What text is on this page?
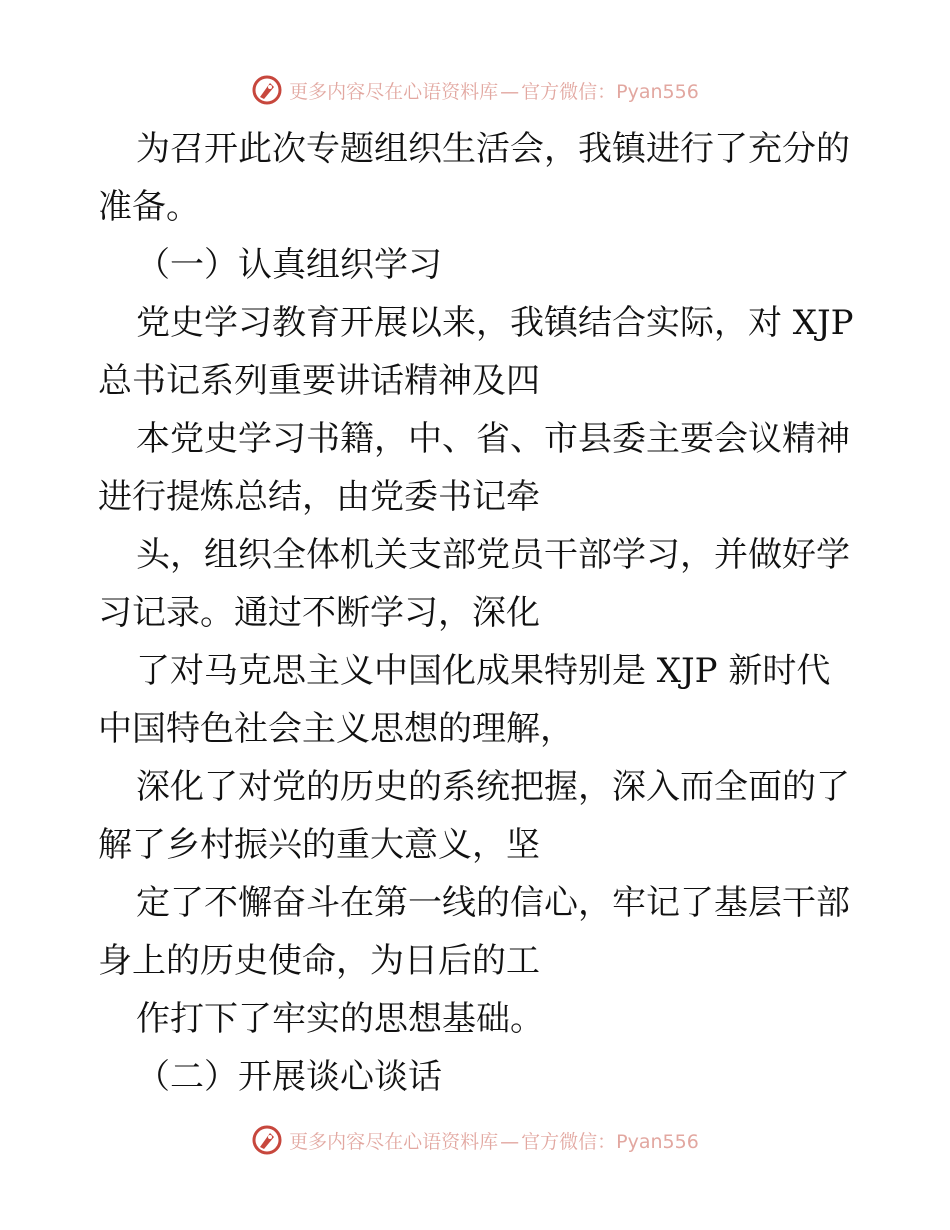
更多内容尽在心语资料库 — 官方微信：Pyan556
为召开此次专题组织生活会，我镇进行了充分的
准备。
（一）认真组织学习
党史学习教育开展以来，我镇结合实际，对 XJP
总书记系列重要讲话精神及四
本党史学习书籍，中、省、市县委主要会议精神
进行提炼总结，由党委书记牵
头，组织全体机关支部党员干部学习，并做好学
习记录。通过不断学习，深化
了对马克思主义中国化成果特别是 XJP 新时代
中国特色社会主义思想的理解，
深化了对党的历史的系统把握，深入而全面的了
解了乡村振兴的重大意义，坚
定了不懈奋斗在第一线的信心，牢记了基层干部
身上的历史使命，为日后的工
作打下了牢实的思想基础。
（二）开展谈心谈话
更多内容尽在心语资料库 — 官方微信：Pyan556
